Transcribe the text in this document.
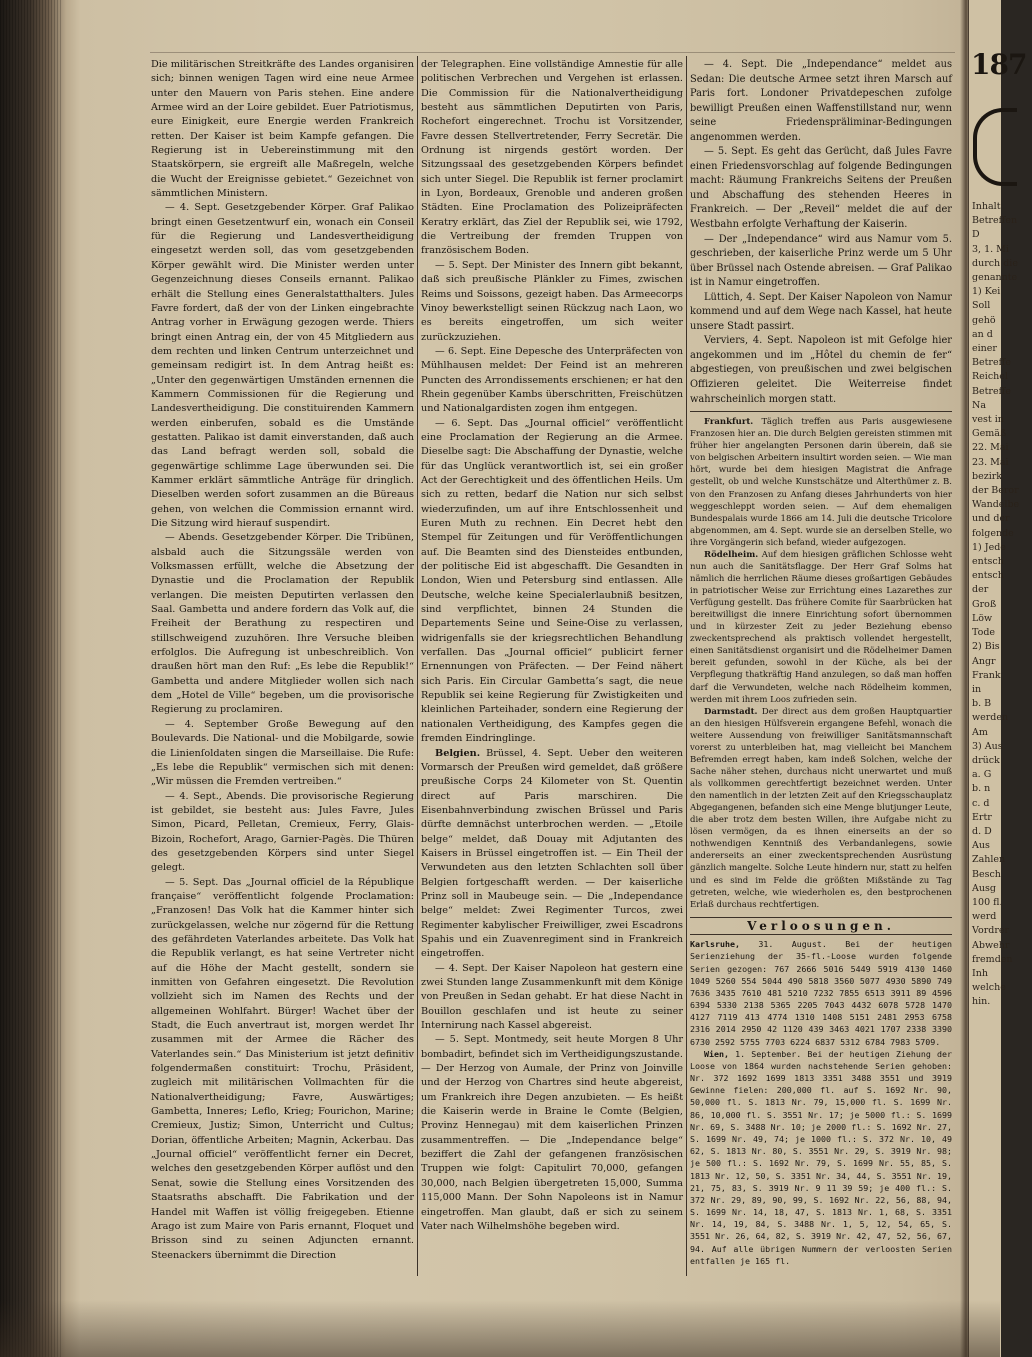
Die militärischen Streitkräfte des Landes organisiren sich; binnen wenigen Tagen wird eine neue Armee unter den Mauern von Paris stehen. Eine andere Armee wird an der Loire gebildet. Euer Patriotismus, eure Einigkeit, eure Energie werden Frankreich retten. Der Kaiser ist beim Kampfe gefangen. Die Regierung ist in Uebereinstimmung mit den Staatskörpern, sie ergreift alle Maßregeln, welche die Wucht der Ereignisse gebietet.“ Gezeichnet von sämmtlichen Ministern.

— 4. Sept. Gesetzgebender Körper. Graf Palikao bringt einen Gesetzentwurf ein, wonach ein Conseil für die Regierung und Landesvertheidigung eingesetzt werden soll, das vom gesetzgebenden Körper gewählt wird. Die Minister werden unter Gegenzeichnung dieses Conseils ernannt. Palikao erhält die Stellung eines Generalstatthalters. Jules Favre fordert, daß der von der Linken eingebrachte Antrag vorher in Erwägung gezogen werde. Thiers bringt einen Antrag ein, der von 45 Mitgliedern aus dem rechten und linken Centrum unterzeichnet und gemeinsam redigirt ist. In dem Antrag heißt es: „Unter den gegenwärtigen Umständen ernennen die Kammern Commissionen für die Regierung und Landesvertheidigung. Die constituirenden Kammern werden einberufen, sobald es die Umstände gestatten. Palikao ist damit einverstanden, daß auch das Land befragt werden soll, sobald die gegenwärtige schlimme Lage überwunden sei. Die Kammer erklärt sämmtliche Anträge für dringlich. Dieselben werden sofort zusammen an die Büreaus gehen, von welchen die Commission ernannt wird. Die Sitzung wird hierauf suspendirt.

— Abends. Gesetzgebender Körper. Die Tribünen, alsbald auch die Sitzungssäle werden von Volksmassen erfüllt, welche die Absetzung der Dynastie und die Proclamation der Republik verlangen. Die meisten Deputirten verlassen den Saal. Gambetta und andere fordern das Volk auf, die Freiheit der Berathung zu respectiren und stillschweigend zuzuhören. Ihre Versuche bleiben erfolglos. Die Aufregung ist unbeschreiblich. Von draußen hört man den Ruf: „Es lebe die Republik!“ Gambetta und andere Mitglieder wollen sich nach dem „Hotel de Ville“ begeben, um die provisorische Regierung zu proclamiren.

— 4. September Große Bewegung auf den Boulevards. Die National- und die Mobilgarde, sowie die Linienſoldaten singen die Marseillaise. Die Rufe: „Es lebe die Republik“ vermischen sich mit denen: „Wir müssen die Fremden vertreiben.“

— 4. Sept., Abends. Die provisorische Regierung ist gebildet, sie besteht aus: Jules Favre, Jules Simon, Picard, Pelletan, Cremieux, Ferry, Glais-Bizoin, Rochefort, Arago, Garnier-Pagès. Die Thüren des gesetzgebenden Körpers sind unter Siegel gelegt.

— 5. Sept. Das „Journal officiel de la République française“ veröffentlicht folgende Proclamation: „Franzosen! Das Volk hat die Kammer hinter sich zurückgelassen, welche nur zögernd für die Rettung des gefährdeten Vaterlandes arbeitete. Das Volk hat die Republik verlangt, es hat seine Vertreter nicht auf die Höhe der Macht gestellt, sondern sie inmitten von Gefahren eingesetzt. Die Revolution vollzieht sich im Namen des Rechts und der allgemeinen Wohlfahrt. Bürger! Wachet über der Stadt, die Euch anvertraut ist, morgen werdet Ihr zusammen mit der Armee die Rächer des Vaterlandes sein.“ Das Ministerium ist jetzt definitiv folgendermaßen constituirt: Trochu, Präsident, zugleich mit militärischen Vollmachten für die Nationalvertheidigung; Favre, Auswärtiges; Gambetta, Inneres; Leflo, Krieg; Fourichon, Marine; Cremieux, Justiz; Simon, Unterricht und Cultus; Dorian, öffentliche Arbeiten; Magnin, Ackerbau. Das „Journal officiel“ veröffentlicht ferner ein Decret, welches den gesetzgebenden Körper auflöst und den Senat, sowie die Stellung eines Vorsitzenden des Staatsraths abschafft. Die Fabrikation und der Handel mit Waffen ist völlig freigegeben. Etienne Arago ist zum Maire von Paris ernannt, Floquet und Brisson sind zu seinen Adjuncten ernannt. Steenackers übernimmt die Direction

der Telegraphen. Eine vollständige Amnestie für alle politischen Verbrechen und Vergehen ist erlassen. Die Commission für die Nationalvertheidigung besteht aus sämmtlichen Deputirten von Paris, Rochefort eingerechnet. Trochu ist Vorsitzender, Favre dessen Stellvertretender, Ferry Secretär. Die Ordnung ist nirgends gestört worden. Der Sitzungssaal des gesetzgebenden Körpers befindet sich unter Siegel. Die Republik ist ferner proclamirt in Lyon, Bordeaux, Grenoble und anderen großen Städten. Eine Proclamation des Polizeipräfecten Keratry erklärt, das Ziel der Republik sei, wie 1792, die Vertreibung der fremden Truppen von französischem Boden.

— 5. Sept. Der Minister des Innern gibt bekannt, daß sich preußische Plänkler zu Fimes, zwischen Reims und Soissons, gezeigt haben. Das Armeecorps Vinoy bewerkstelligt seinen Rückzug nach Laon, wo es bereits eingetroffen, um sich weiter zurückzuziehen.

— 6. Sept. Eine Depesche des Unterpräfecten von Mühlhausen meldet: Der Feind ist an mehreren Puncten des Arrondissements erschienen; er hat den Rhein gegenüber Kambs überschritten, Freischützen und Nationalgardisten zogen ihm entgegen.

— 6. Sept. Das „Journal officiel“ veröffentlicht eine Proclamation der Regierung an die Armee. Dieselbe sagt: Die Abschaffung der Dynastie, welche für das Unglück verantwortlich ist, sei ein großer Act der Gerechtigkeit und des öffentlichen Heils. Um sich zu retten, bedarf die Nation nur sich selbst wiederzufinden, um auf ihre Entschlossenheit und Euren Muth zu rechnen. Ein Decret hebt den Stempel für Zeitungen und für Veröffentlichungen auf. Die Beamten sind des Diensteides entbunden, der politische Eid ist abgeschafft. Die Gesandten in London, Wien und Petersburg sind entlassen. Alle Deutsche, welche keine Specialerlaubniß besitzen, sind verpflichtet, binnen 24 Stunden die Departements Seine und Seine-Oise zu verlassen, widrigenfalls sie der kriegsrechtlichen Behandlung verfallen. Das „Journal officiel“ publicirt ferner Ernennungen von Präfecten. — Der Feind nähert sich Paris. Ein Circular Gambetta’s sagt, die neue Republik sei keine Regierung für Zwistigkeiten und kleinlichen Parteihader, sondern eine Regierung der nationalen Vertheidigung, des Kampfes gegen die fremden Eindringlinge.

Belgien. Brüssel, 4. Sept. Ueber den weiteren Vormarsch der Preußen wird gemeldet, daß größere preußische Corps 24 Kilometer von St. Quentin direct auf Paris marschiren. Die Eisenbahnverbindung zwischen Brüssel und Paris dürfte demnächst unterbrochen werden. — „Etoile belge“ meldet, daß Douay mit Adjutanten des Kaisers in Brüssel eingetroffen ist. — Ein Theil der Verwundeten aus den letzten Schlachten soll über Belgien fortgeschafft werden. — Der kaiserliche Prinz soll in Maubeuge sein. — Die „Independance belge“ meldet: Zwei Regimenter Turcos, zwei Regimenter kabylischer Freiwilliger, zwei Escadrons Spahis und ein Zuavenregiment sind in Frankreich eingetroffen.

— 4. Sept. Der Kaiser Napoleon hat gestern eine zwei Stunden lange Zusammenkunft mit dem Könige von Preußen in Sedan gehabt. Er hat diese Nacht in Bouillon geschlafen und ist heute zu seiner Internirung nach Kassel abgereist.

— 5. Sept. Montmedy, seit heute Morgen 8 Uhr bombadirt, befindet sich im Vertheidigungszustande. — Der Herzog von Aumale, der Prinz von Joinville und der Herzog von Chartres sind heute abgereist, um Frankreich ihre Degen anzubieten. — Es heißt die Kaiserin werde in Braine le Comte (Belgien, Provinz Hennegau) mit dem kaiserlichen Prinzen zusammentreffen. — Die „Independance belge“ beziffert die Zahl der gefangenen französischen Truppen wie folgt: Capitulirt 70,000, gefangen 30,000, nach Belgien übergetreten 15,000, Summa 115,000 Mann. Der Sohn Napoleons ist in Namur eingetroffen. Man glaubt, daß er sich zu seinem Vater nach Wilhelmshöhe begeben wird.

— 4. Sept. Die „Independance“ meldet aus Sedan: Die deutsche Armee setzt ihren Marsch auf Paris fort. Londoner Privatdepeschen zufolge bewilligt Preußen einen Waffenstillstand nur, wenn seine Friedenspräliminar-Bedingungen angenommen werden.

— 5. Sept. Es geht das Gerücht, daß Jules Favre einen Friedensvorschlag auf folgende Bedingungen macht: Räumung Frankreichs Seitens der Preußen und Abschaffung des stehenden Heeres in Frankreich. — Der „Reveil“ meldet die auf der Westbahn erfolgte Verhaftung der Kaiserin.

— Der „Independance“ wird aus Namur vom 5. geschrieben, der kaiserliche Prinz werde um 5 Uhr über Brüssel nach Ostende abreisen. — Graf Palikao ist in Namur eingetroffen.

Lüttich, 4. Sept. Der Kaiser Napoleon von Namur kommend und auf dem Wege nach Kassel, hat heute unsere Stadt passirt.

Verviers, 4. Sept. Napoleon ist mit Gefolge hier angekommen und im „Hôtel du chemin de fer“ abgestiegen, von preußischen und zwei belgischen Offizieren geleitet. Die Weiterreise findet wahrscheinlich morgen statt.

Frankfurt. Täglich treffen aus Paris ausgewiesene Franzosen hier an. Die durch Belgien gereisten stimmen mit früher hier angelangten Personen darin überein, daß sie von belgischen Arbeitern insultirt worden seien. — Wie man hört, wurde bei dem hiesigen Magistrat die Anfrage gestellt, ob und welche Kunstschätze und Alterthümer z. B. von den Franzosen zu Anfang dieses Jahrhunderts von hier weggeschleppt worden seien. — Auf dem ehemaligen Bundespalais wurde 1866 am 14. Juli die deutsche Tricolore abgenommen, am 4. Sept. wurde sie an derselben Stelle, wo ihre Vorgängerin sich befand, wieder aufgezogen.

Rödelheim. Auf dem hiesigen gräflichen Schlosse weht nun auch die Sanitätsflagge. Der Herr Graf Solms hat nämlich die herrlichen Räume dieses großartigen Gebäudes in patriotischer Weise zur Errichtung eines Lazarethes zur Verfügung gestellt. Das frühere Comite für Saarbrücken hat bereitwilligst die innere Einrichtung sofort übernommen und in kürzester Zeit zu jeder Beziehung ebenso zweckentsprechend als praktisch vollendet hergestellt, einen Sanitätsdienst organisirt und die Rödelheimer Damen bereit gefunden, sowohl in der Küche, als bei der Verpflegung thatkräftig Hand anzulegen, so daß man hoffen darf die Verwundeten, welche nach Rödelheim kommen, werden mit ihrem Loos zufrieden sein.

Darmstadt. Der direct aus dem großen Hauptquartier an den hiesigen Hülfsverein ergangene Befehl, wonach die weitere Aussendung von freiwilliger Sanitätsmannschaft vorerst zu unterbleiben hat, mag vielleicht bei Manchem Befremden erregt haben, kam indeß Solchen, welche der Sache näher stehen, durchaus nicht unerwartet und muß als vollkommen gerechtfertigt bezeichnet werden. Unter den namentlich in der letzten Zeit auf den Kriegsschauplatz Abgegangenen, befanden sich eine Menge blutjunger Leute, die aber trotz dem besten Willen, ihre Aufgabe nicht zu lösen vermögen, da es ihnen einerseits an der so nothwendigen Kenntniß des Verbandanlegens, sowie andererseits an einer zweckentsprechenden Ausrüstung gänzlich mangelte. Solche Leute hindern nur, statt zu helfen und es sind im Felde die größten Mißstände zu Tag getreten, welche, wie wiederholen es, den bestprochenen Erlaß durchaus rechtfertigen.

Verloosungen.
Karlsruhe, 31. August. Bei der heutigen Serienziehung der 35-fl.-Loose wurden folgende Serien gezogen: 767 2666 5016 5449 5919 4130 1460 1049 5260 554 5044 490 5818 3560 5077 4930 5890 749 7636 3435 7610 481 5210 7232 7855 6513 3911 89 4596 6394 5330 2138 5365 2205 7043 4432 6078 5728 1470 4127 7119 413 4774 1310 1408 5151 2481 2953 6758 2316 2014 2950 42 1120 439 3463 4021 1707 2338 3390 6730 2592 5755 7703 6224 6837 5312 6784 7983 5709.
Wien, 1. September. Bei der heutigen Ziehung der Loose von 1864 wurden nachstehende Serien gehoben: Nr. 372 1692 1699 1813 3351 3488 3551 und 3919 Gewinne fielen: 200,000 fl. auf S. 1692 Nr. 90, 50,000 fl. S. 1813 Nr. 79, 15,000 fl. S. 1699 Nr. 86, 10,000 fl. S. 3551 Nr. 17; je 5000 fl.: S. 1699 Nr. 69, S. 3488 Nr. 10; je 2000 fl.: S. 1692 Nr. 27, S. 1699 Nr. 49, 74; je 1000 fl.: S. 372 Nr. 10, 49 62, S. 1813 Nr. 80, S. 3551 Nr. 29, S. 3919 Nr. 98; je 500 fl.: S. 1692 Nr. 79, S. 1699 Nr. 55, 85, S. 1813 Nr. 12, 50, S. 3351 Nr. 34, 44, S. 3551 Nr. 19, 21, 75, 83, S. 3919 Nr. 9 11 39 59; je 400 fl.: S. 372 Nr. 29, 89, 90, 99, S. 1692 Nr. 22, 56, 88, 94, S. 1699 Nr. 14, 18, 47, S. 1813 Nr. 1, 68, S. 3351 Nr. 14, 19, 84, S. 3488 Nr. 1, 5, 12, 54, 65, S. 3551 Nr. 26, 64, 82, S. 3919 Nr. 42, 47, 52, 56, 67, 94. Auf alle übrigen Nummern der verloosten Serien entfallen je 165 fl.
187
Inhalt
Betreffen
D
3, 1. Mi
durch die
genannte
1) Kei
Soll
gehö
an d
einer
Betreffe
Reichel
Betreffe
Na
vest in
Gemäß
22. Mai
23. Mai
bezirk
der Beror
Wandelbe
und der
folgende
1) Jede
entsch
entsch
der
Groß
Löw
Tode
2) Bis
Angr
Frank
in
b. B
werden
Am
3) Aus
drück
a. G
b. n
c. d
Ertr
d. D
Aus
Zahlen
Besch
Ausg
100 fl.
werd
Vordrer
Abwehr
fremden
Inh
welche
hin.
